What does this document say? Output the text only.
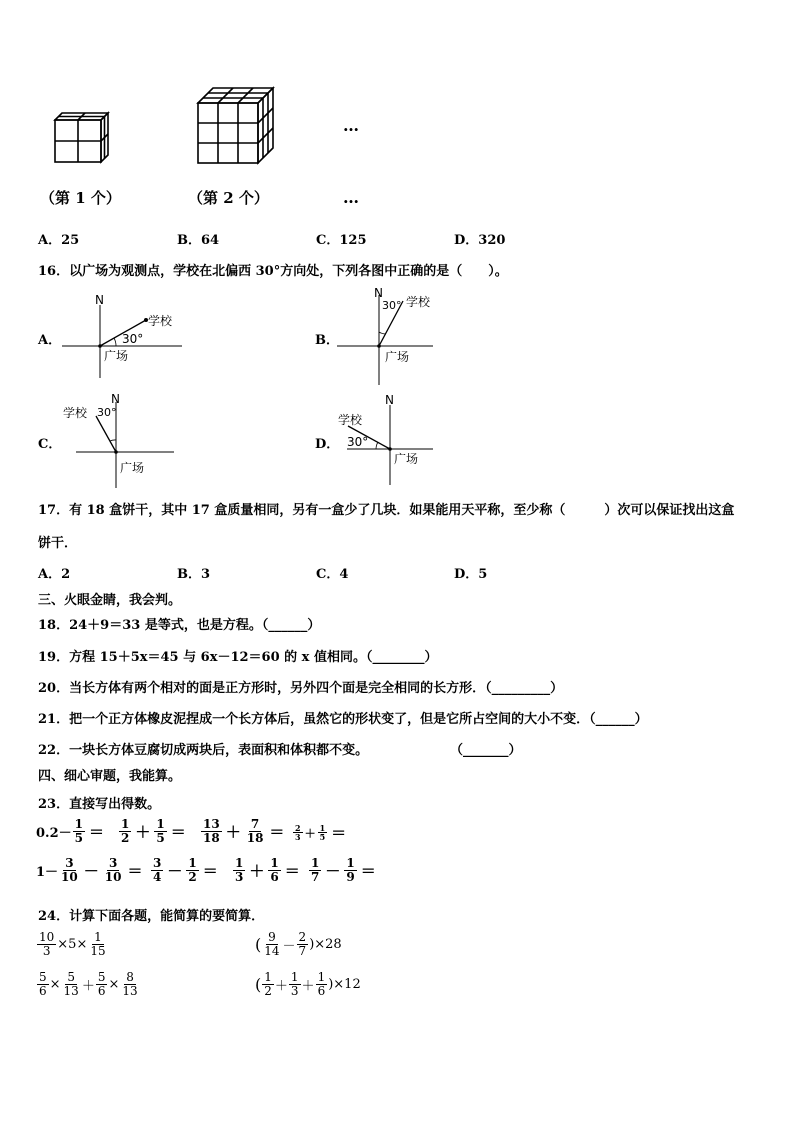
…
（第 1 个）	（第 2 个）	…
A．25	B．64	C．125	D．320
16．以广场为观测点，学校在北偏西 30°方向处，下列各图中正确的是（　　）。
A．
N
学校
30°
广场
B．
N
30° 学校
广场
C．
N
30°
学校
广场
D．
N
学校
30°
广场
17．有 18 盒饼干，其中 17 盒质量相同，另有一盒少了几块．如果能用天平称，至少称（　　　）次可以保证找出这盒
饼干．
A．2	B．3	C．4	D．5
三、火眼金睛，我会判。
18．24＋9＝33 是等式，也是方程。（______）
19．方程 15＋5x＝45 与 6x－12＝60 的 x 值相同。（________）
20．当长方体有两个相对的面是正方形时，另外四个面是完全相同的长方形．（_________）
21．把一个正方体橡皮泥捏成一个长方体后，虽然它的形状变了，但是它所占空间的大小不变．（______）
22．一块长方体豆腐切成两块后，表面积和体积都不变。	（_______）
四、细心审题，我能算。
23．直接写出得数。
$0.2- \frac{1}{5} = \frac{1}{2} + \frac{1}{5} = \frac{13}{18} + \frac{7}{18} = \frac{2}{3} + \frac{1}{5}$ ＝
$1- \frac{3}{10} - \frac{3}{10} = \frac{3}{4} - \frac{1}{2} = \frac{1}{3} + \frac{1}{6} = \frac{1}{7} - \frac{1}{9}$ ＝
24．计算下面各题，能简算的要简算．
$\frac{10}{3} \times 5\times \frac{1}{15}$	( $\frac{9}{14} - \frac{2}{7} )\times 28$
$\frac{5}{6} \times \frac{5}{13} + \frac{5}{6} \times \frac{8}{13}$	( $\frac{1}{2} + \frac{1}{3} + \frac{1}{6} )\times 12$
